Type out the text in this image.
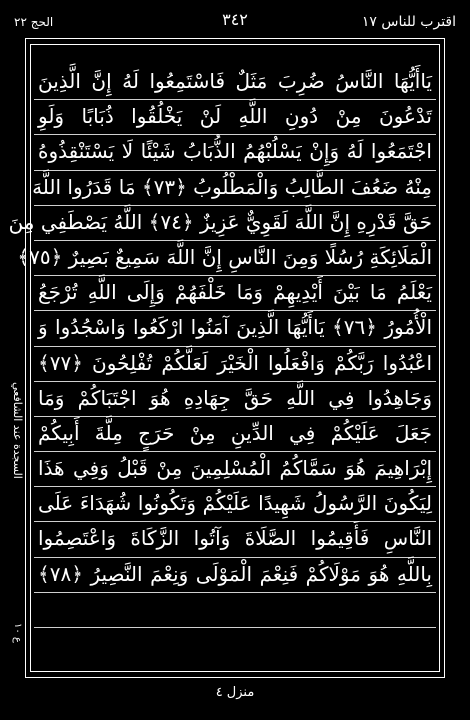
الحج ٢٢	٣٤٢	اقترب للناس ١٧
يَاأَيُّهَا النَّاسُ ضُرِبَ مَثَلٌ فَاسْتَمِعُوا لَهُ إِنَّ الَّذِينَ
تَدْعُونَ مِنْ دُونِ اللَّهِ لَنْ يَخْلُقُوا ذُبَابًا وَلَوِ
اجْتَمَعُوا لَهُ وَإِنْ يَسْلُبْهُمُ الذُّبَابُ شَيْئًا لَا يَسْتَنْقِذُوهُ
مِنْهُ ضَعُفَ الطَّالِبُ وَالْمَطْلُوبُ ﴿٧٣﴾ مَا قَدَرُوا اللَّهَ
حَقَّ قَدْرِهِ إِنَّ اللَّهَ لَقَوِيٌّ عَزِيزٌ ﴿٧٤﴾ اللَّهُ يَصْطَفِي مِنَ
الْمَلَائِكَةِ رُسُلًا وَمِنَ النَّاسِ إِنَّ اللَّهَ سَمِيعٌ بَصِيرٌ ﴿٧٥﴾
يَعْلَمُ مَا بَيْنَ أَيْدِيهِمْ وَمَا خَلْفَهُمْ وَإِلَى اللَّهِ تُرْجَعُ
الْأُمُورُ ﴿٧٦﴾ يَاأَيُّهَا الَّذِينَ آمَنُوا ارْكَعُوا وَاسْجُدُوا وَ
اعْبُدُوا رَبَّكُمْ وَافْعَلُوا الْخَيْرَ لَعَلَّكُمْ تُفْلِحُونَ ﴿٧٧﴾
وَجَاهِدُوا فِي اللَّهِ حَقَّ جِهَادِهِ هُوَ اجْتَبَاكُمْ وَمَا
جَعَلَ عَلَيْكُمْ فِي الدِّينِ مِنْ حَرَجٍ مِلَّةَ أَبِيكُمْ
إِبْرَاهِيمَ هُوَ سَمَّاكُمُ الْمُسْلِمِينَ مِنْ قَبْلُ وَفِي هَذَا
لِيَكُونَ الرَّسُولُ شَهِيدًا عَلَيْكُمْ وَتَكُونُوا شُهَدَاءَ عَلَى
النَّاسِ فَأَقِيمُوا الصَّلَاةَ وَآتُوا الزَّكَاةَ وَاعْتَصِمُوا
بِاللَّهِ هُوَ مَوْلَاكُمْ فَنِعْمَ الْمَوْلَى وَنِعْمَ النَّصِيرُ ﴿٧٨﴾
السجدة عند الشافعي
ع ١٠
منزل ٤
